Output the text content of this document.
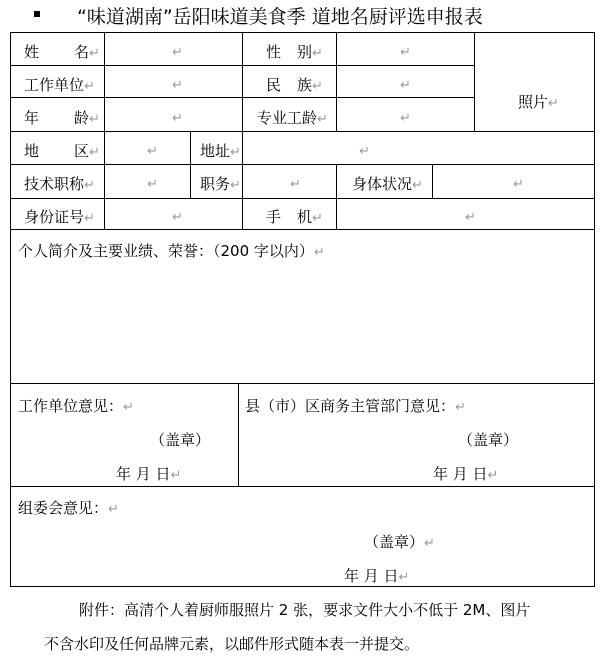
“味道湖南”岳阳味道美食季 道地名厨评选申报表
姓 名↵	↵	性 别↵	↵
照片↵
工作单位↵	↵	民 族↵	↵
年 龄↵	↵	专业工龄↵	↵
地 区↵	↵	地址↵	↵
技术职称↵	↵	职务↵	↵	身体状况↵	↵
身份证号↵	↵	手 机↵	↵
个人简介及主要业绩、荣誉：（200 字以内）↵
工作单位意见：↵
（盖章）
年 月 日↵
县（市）区商务主管部门意见：↵
（盖章）
年 月 日↵
组委会意见：↵
（盖章）↵
年 月 日↵
附件：高清个人着厨师服照片 2 张，要求文件大小不低于 2M、图片
不含水印及任何品牌元素，以邮件形式随本表一并提交。
